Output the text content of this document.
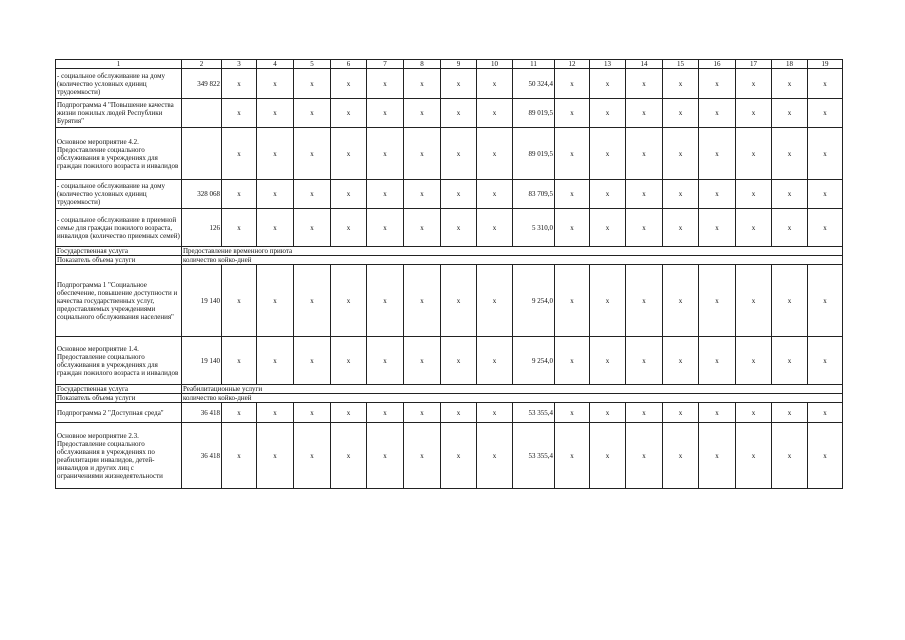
1	2	3	4	5	6	7	8	9	10	11	12	13	14	15	16	17	18	19
- социальное обслуживание на дому (количество условных единиц трудоемкости)	349 822	x	x	x	x	x	x	x	x	50 324,4	x	x	x	x	x	x	x	x
Подпрограмма 4 "Повышение качества жизни пожилых людей Республики Бурятия"		x	x	x	x	x	x	x	x	89 019,5	x	x	x	x	x	x	x	x
Основное мероприятие 4.2. Предоставление социального обслуживания в учреждениях для граждан пожилого возраста и инвалидов		x	x	x	x	x	x	x	x	89 019,5	x	x	x	x	x	x	x	x
- социальное обслуживание на дому (количество условных единиц трудоемкости)	328 068	x	x	x	x	x	x	x	x	83 709,5	x	x	x	x	x	x	x	x
- социальное обслуживание в приемной семье для граждан пожилого возраста, инвалидов (количество приемных семей)	126	x	x	x	x	x	x	x	x	5 310,0	x	x	x	x	x	x	x	x
Государственная услуга	Предоставление временного приюта																	
Показатель объема услуги	количество койко-дней																	
Подпрограмма 1 "Социальное обеспечение, повышение доступности и качества государственных услуг, предоставляемых учреждениями социального обслуживания населения"	19 140	x	x	x	x	x	x	x	x	9 254,0	x	x	x	x	x	x	x	x
Основное мероприятие 1.4. Предоставление социального обслуживания в учреждениях для граждан пожилого возраста и инвалидов	19 140	x	x	x	x	x	x	x	x	9 254,0	x	x	x	x	x	x	x	x
Государственная услуга	Реабилитационные услуги																	
Показатель объема услуги	количество койко-дней																	
Подпрограмма 2 "Доступная среда"	36 418	x	x	x	x	x	x	x	x	53 355,4	x	x	x	x	x	x	x	x
Основное мероприятие 2.3. Предоставление социального обслуживания в учреждениях по реабилитации инвалидов, детей-инвалидов и других лиц с ограничениями жизнедеятельности	36 418	x	x	x	x	x	x	x	x	53 355,4	x	x	x	x	x	x	x	x
